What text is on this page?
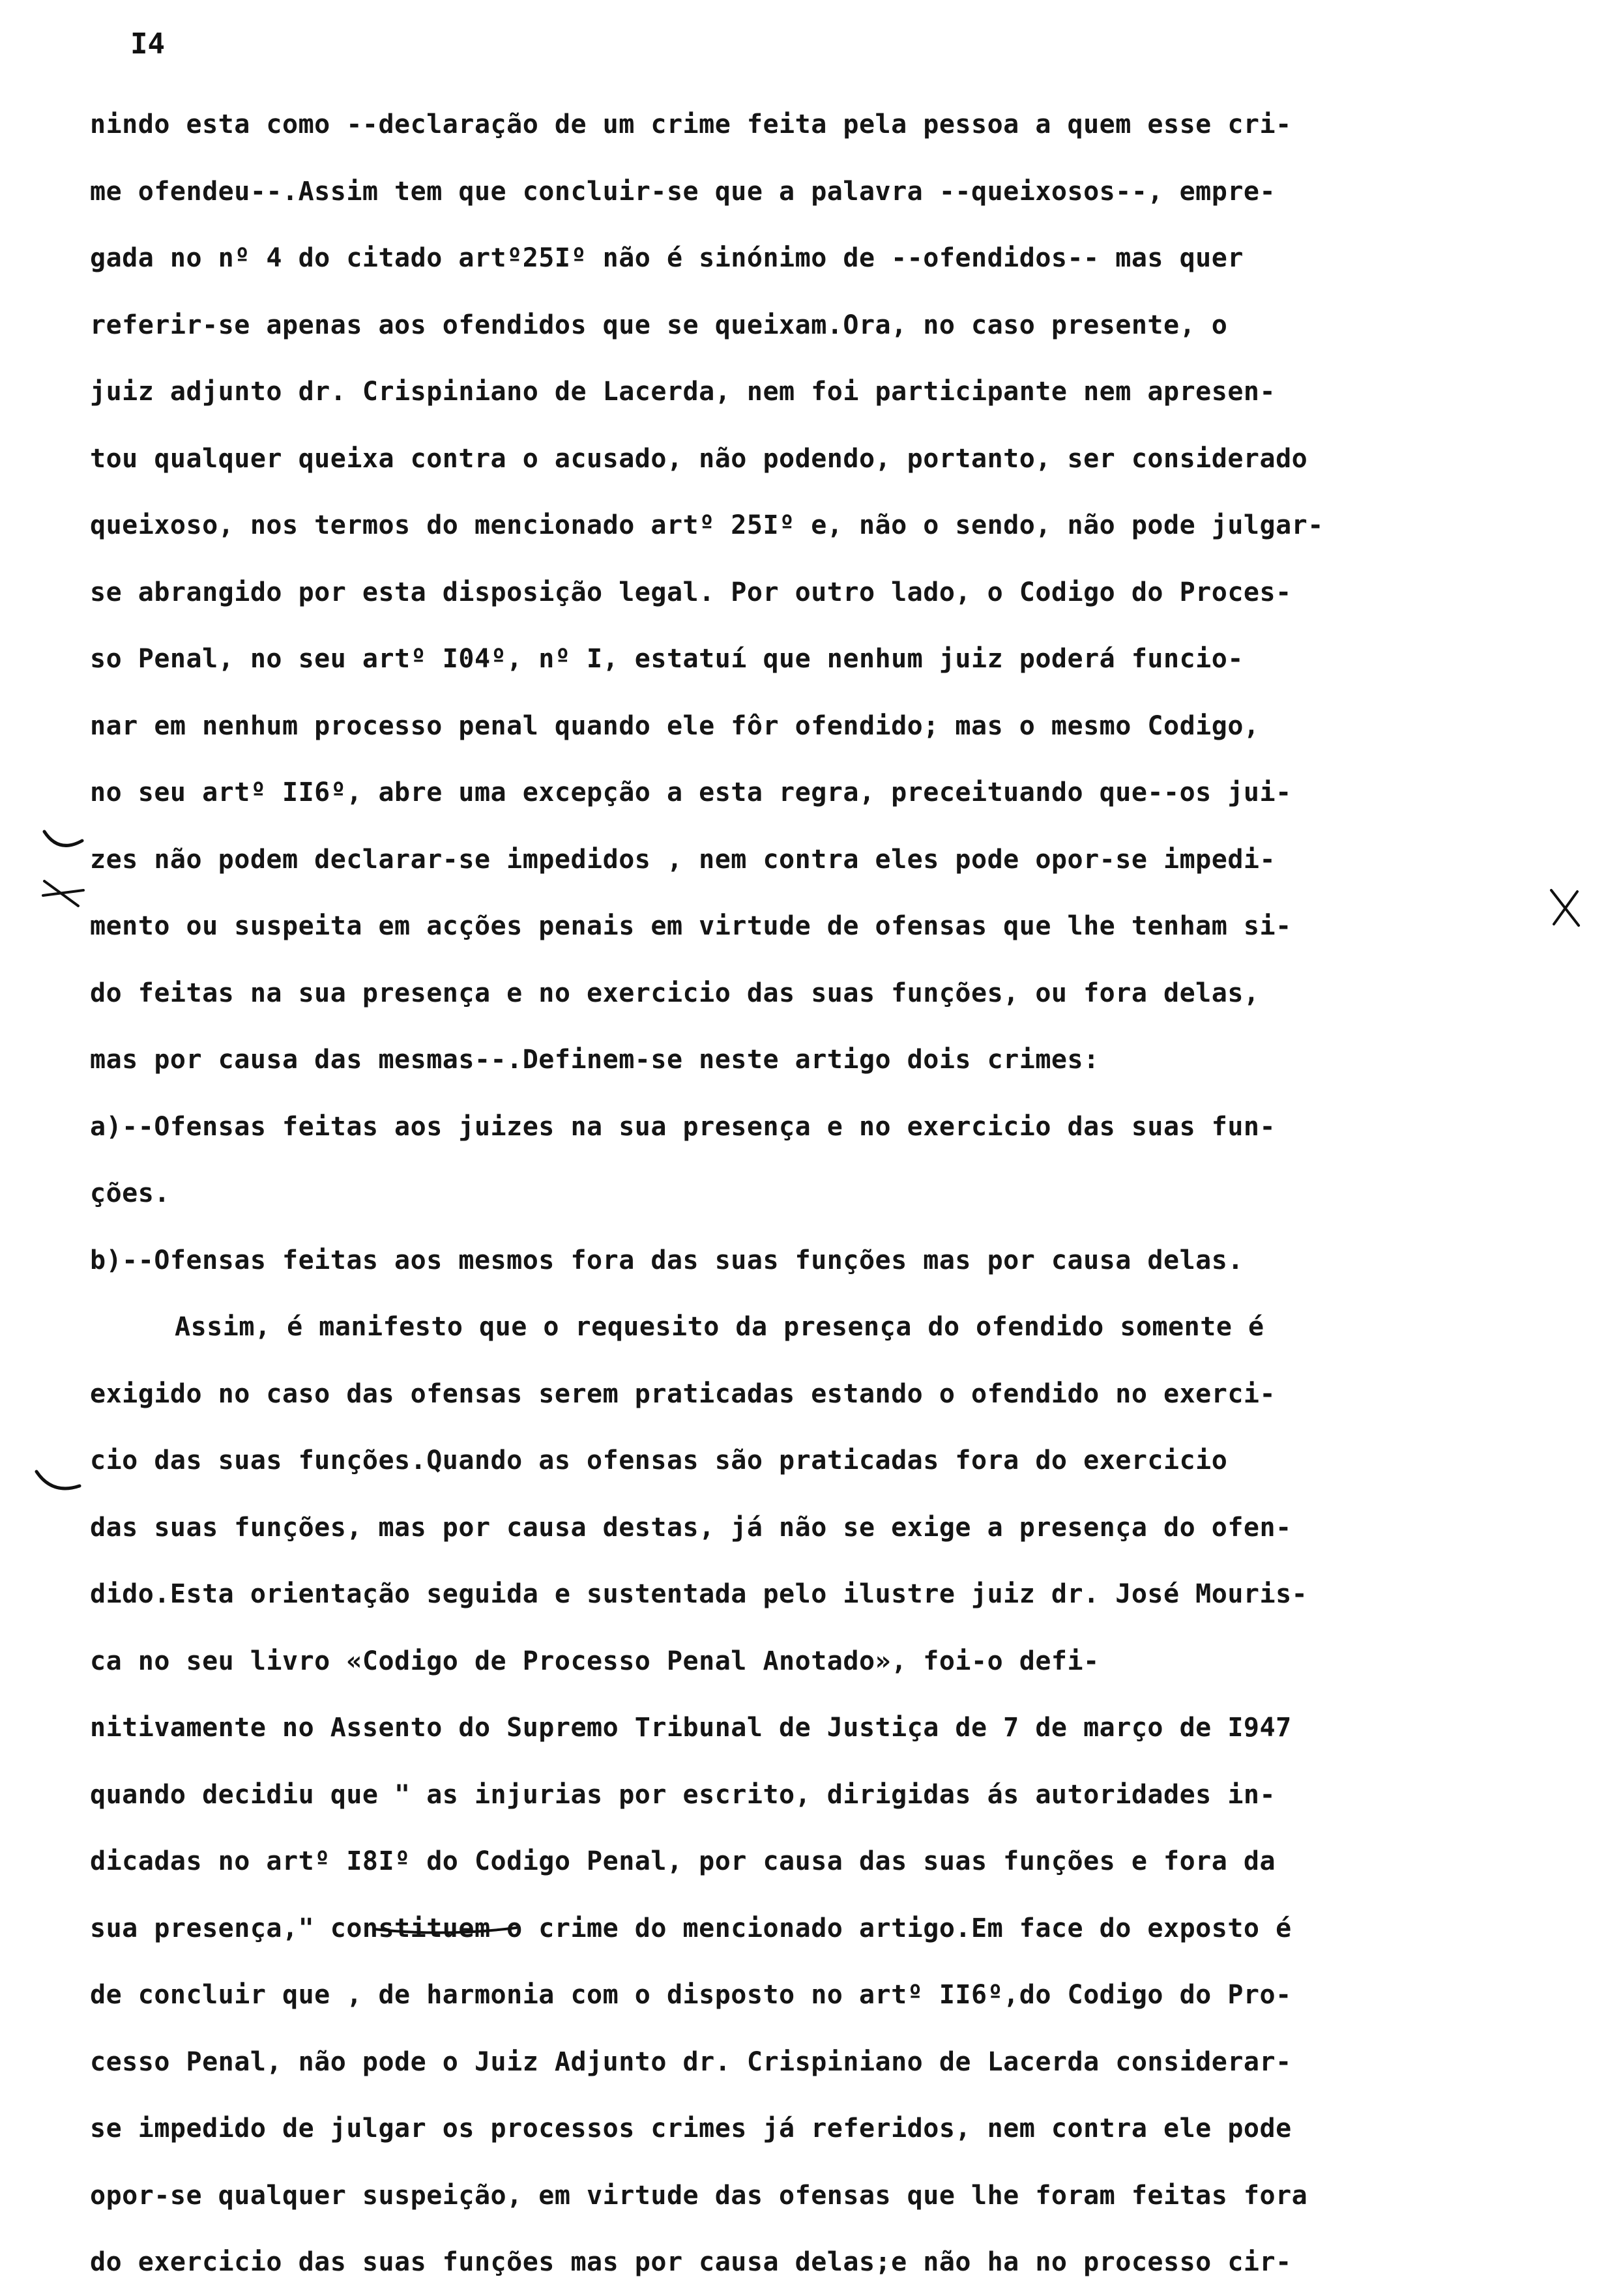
I4
nindo esta como --declaração de um crime feita pela pessoa a quem esse cri-
me ofendeu--.Assim tem que concluir-se que a palavra --queixosos--, empre-
gada no nº 4 do citado artº25Iº não é sinónimo de --ofendidos-- mas quer
referir-se apenas aos ofendidos que se queixam.Ora, no caso presente, o
juiz adjunto dr. Crispiniano de Lacerda, nem foi participante nem apresen-
tou qualquer queixa contra o acusado, não podendo, portanto, ser considerado
queixoso, nos termos do mencionado artº 25Iº e, não o sendo, não pode julgar-
se abrangido por esta disposição legal. Por outro lado, o Codigo do Proces-
so Penal, no seu artº I04º, nº I, estatuí que nenhum juiz poderá funcio-
nar em nenhum processo penal quando ele fôr ofendido; mas o mesmo Codigo,
no seu artº II6º, abre uma excepção a esta regra, preceituando que--os jui-
zes não podem declarar-se impedidos , nem contra eles pode opor-se impedi-
mento ou suspeita em acções penais em virtude de ofensas que lhe tenham si-
do feitas na sua presença e no exercicio das suas funções, ou fora delas,
mas por causa das mesmas--.Definem-se neste artigo dois crimes:
a)--Ofensas feitas aos juizes na sua presença e no exercicio das suas fun-
ções.
b)--Ofensas feitas aos mesmos fora das suas funções mas por causa delas.
Assim, é manifesto que o requesito da presença do ofendido somente é
exigido no caso das ofensas serem praticadas estando o ofendido no exerci-
cio das suas funções.Quando as ofensas são praticadas fora do exercicio
das suas funções, mas por causa destas, já não se exige a presença do ofen-
dido.Esta orientação seguida e sustentada pelo ilustre juiz dr. José Mouris-
ca no seu livro «Codigo de Processo Penal Anotado», foi-o defi-
nitivamente no Assento do Supremo Tribunal de Justiça de 7 de março de I947
quando decidiu que " as injurias por escrito, dirigidas ás autoridades in-
dicadas no artº I8Iº do Codigo Penal, por causa das suas funções e fora da
sua presença," constituem o crime do mencionado artigo.Em face do exposto é
de concluir que , de harmonia com o disposto no artº II6º,do Codigo do Pro-
cesso Penal, não pode o Juiz Adjunto dr. Crispiniano de Lacerda considerar-
se impedido de julgar os processos crimes já referidos, nem contra ele pode
opor-se qualquer suspeição, em virtude das ofensas que lhe foram feitas fora
do exercicio das suas funções mas por causa delas;e não ha no processo cir-
